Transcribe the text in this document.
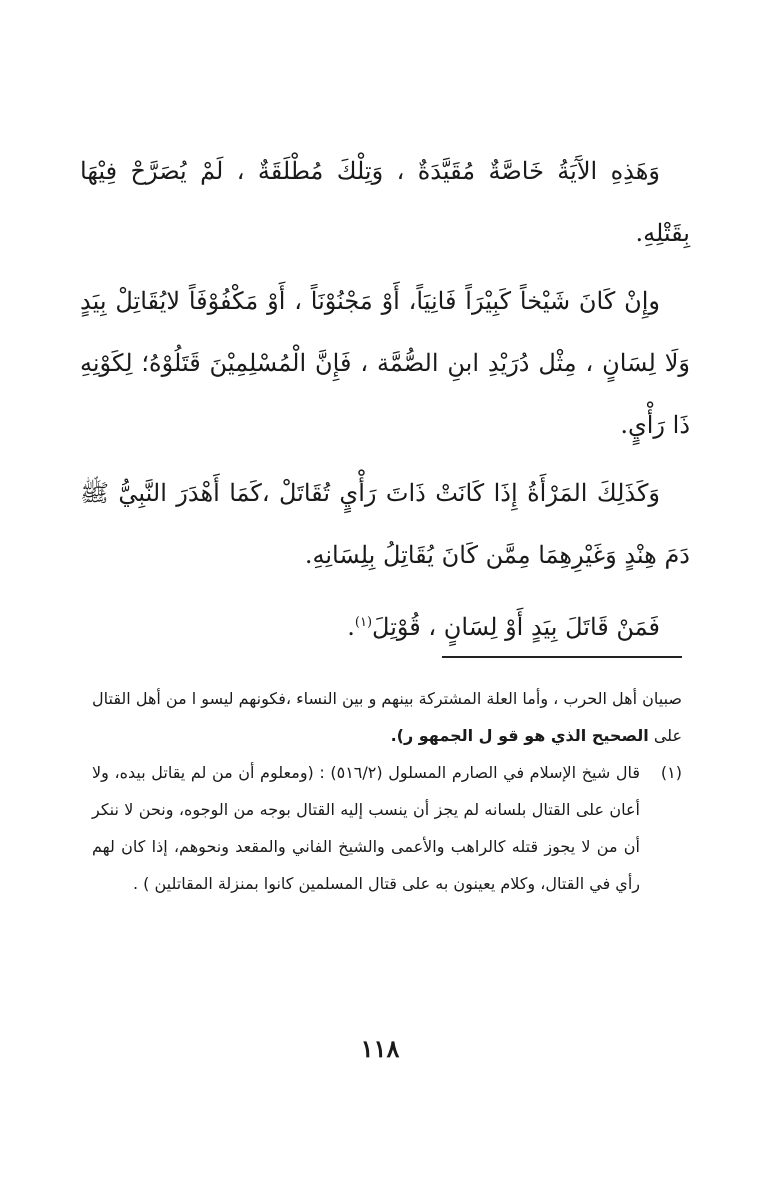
وَهَذِهِ الآَيَةُ خَاصَّةٌ مُقَيَّدَةٌ ، وَتِلْكَ مُطْلَقَةٌ ، لَمْ يُصَرَّحْ فِيْهَا بِقَتْلِهِ.

وإِنْ كَانَ شَيْخاً كَبِيْرَاً فَانِيَاً، أَوْ مَجْنُوْنَاً ، أَوْ مَكْفُوْفَاً لايُقَاتِلْ بِيَدٍ وَلَا لِسَانٍ ، مِثْل دُرَيْدِ ابنِ الصُّمَّة ، فَإِنَّ الْمُسْلِمِيْنَ قَتَلُوْهُ؛ لِكَوْنِهِ ذَا رَأْيٍ.

وَكَذَلِكَ المَرْأَةُ إِذَا كَانَتْ ذَاتَ رَأْيٍ تُقَاتَلْ ،كَمَا أَهْدَرَ النَّبِيُّ ﷺ دَمَ هِنْدٍ وَغَيْرِهِمَا مِمَّن كَانَ يُقَاتِلُ بِلِسَانِهِ.

فَمَنْ قَاتَلَ بِيَدٍ أَوْ لِسَانٍ ، قُوْتِلَ$^{(١)}$.

صبيان أهل الحرب ، وأما العلة المشتركة بينهم و بين النساء ،فكونهم ليسو ا من أهل القتال على الصحيح الذي هو قو ل الجمهو ر).

(١)
قال شيخ الإسلام في الصارم المسلول (٥١٦/٢) : (ومعلوم أن من لم يقاتل بيده، ولا أعان على القتال بلسانه لم يجز أن ينسب إليه القتال بوجه من الوجوه، ونحن لا ننكر أن من لا يجوز قتله كالراهب والأعمى والشيخ الفاني والمقعد ونحوهم، إذا كان لهم رأي في القتال، وكلام يعينون به على قتال المسلمين كانوا بمنزلة المقاتلين ) .
١١٨
